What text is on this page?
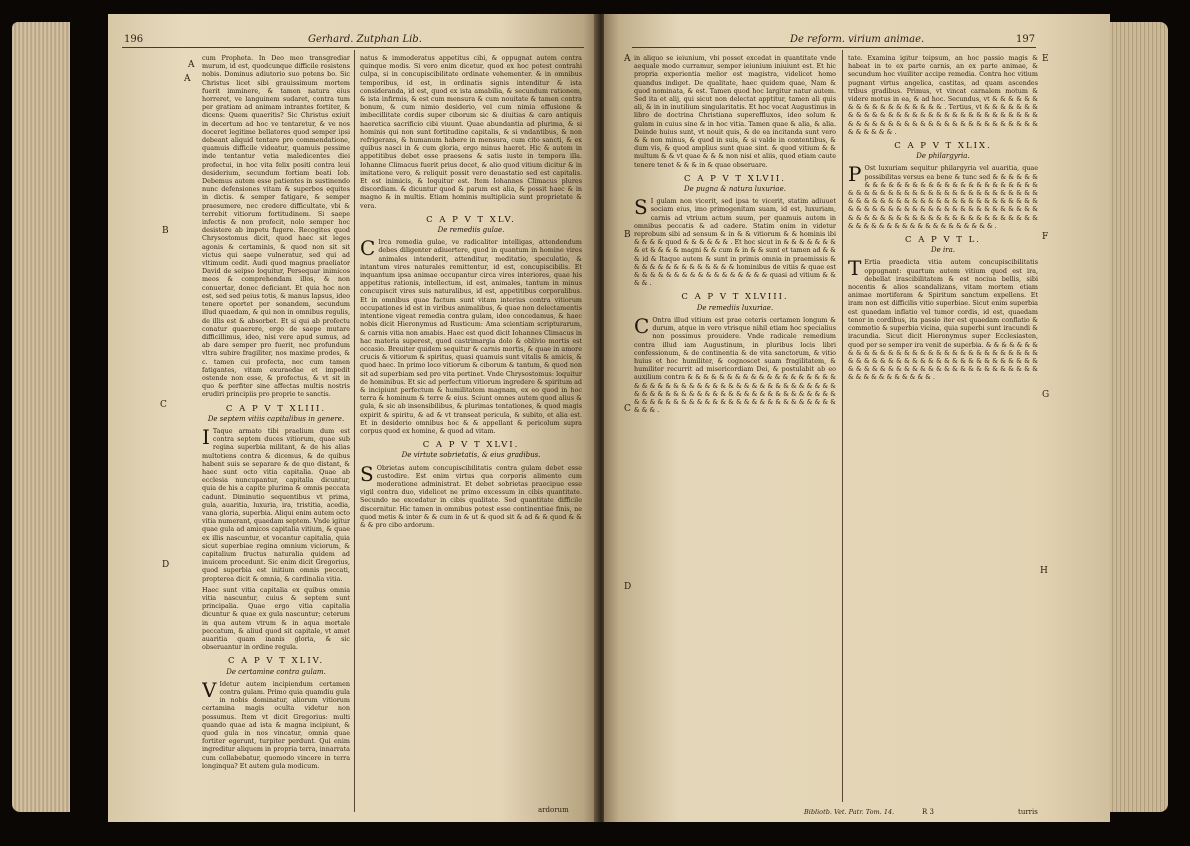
196	Gerhard. Zutphan Lib.
A

cum Propheta. In Deo meo transgrediar murum, id est, quodcunque difficile resistens nobis. Dominus adiutorio suo potens bo. Sic Christus licet sibi grauissimum mortem fuerit imminere, & tamen natura eius horreret, ve languinem sudaret, contra tum per gratiam ad animam intrantes fortiter, & dicens: Quem quaeritis? Sic Christus exiuit in decertum ad hoc ve tentaretur, & ve nos doceret legitime bellatores quod semper ipsi debeant aliquid tentare pro commendatione, quamuis difficile videatur, quamuis pessime inde tentantur vetia maledicentes diei profectui, in hoc vita felix positi contra leui desiderium, secundum fortiam beati Iob. Debemus autem esse patientes in sustinendo nunc defensiones vitam & superbos equites in dictis. & semper fatigare, & semper praesumere, nec credere difficultate, vbi & terrebit vitiorum fortitudinem. Si saepe infectis & non profecit, nolo semper hoc desistere ab impetu fugere. Recogites quod Chrysostomus dicit, quod haec sit leges agonis & certaminis, & quod non sit sit victus qui saepe vulneratur, sed qui ad vltimum cedit. Audi quod magnus praeliator David de seipso loquitur, Persequar inimicos meos & comprehendam illos, & non conuertar, donec deficiant. Et quia hoc non est, sed sed peius totis, & manus lapsus, ideo tenere oportet per sonandem, secundum illud quaedam, & qui non in omnibus regulis, de illis est & absorbet. Et si qui ab profectu conatur quaerere, ergo de saepe mutare difficillimus, ideo, nisi vere apud sumus, ad ab dare semper pro fuerit, nec profundum vltra subire fragiliter, nos maxime prodes, & c. tamen cui profecta, nec cum tamen fatigantes, vitam exuraedae et impedit ostende non esse, & profectus, & vt sit in quo & perfiter sine affectas multis nostris erudiri principiis pro proprie te sanctis.

C A P V T XLIII.
De septem vitiis capitalibus in genere.

I Taque armato tibi praelium dum est contra septem duces vitiorum, quae sub regina superbia militant, & de his alias multotiens contra & dicemus, & de quibus habent suis se separare & de quo distant, & haec sunt octo vitia capitalia. Quae ab ecclesia nuncupantur, capitalia dicuntur, quia de his a capite plurima & omnis peccata cadunt. Diminutio sequentibus vt prima, gula, auaritia, luxuria, ira, tristitia, acedia, vana gloria, superbia. Aliqui enim autem octo vitia numerant, quaedam septem. Vnde igitur quae gula ad amicos capitalia vitium, & quae ex illis nascuntur, et vocantur capitalia, quia sicut superbiae regina omnium viciorum, & capitalium fructus naturalia quidem ad inuicem procedunt. Sic enim dicit Gregorius, quod superbia est initium omnis peccati, propterea dicit & omnia, & cardinalia vitia.

Haec sunt vitia capitalia ex quibus omnia vitia nascuntur, cuius & septem sunt principalia. Quae ergo vitia capitalia dicuntur & quae ex gula nascuntur; ceterum in qua autem vtrum & in aqua mortale peccatum, & aliud quod sit capitale, vt amet auaritia quam inanis gloria, & sic obseruantur in ordine regula.

C A P V T XLIV.
De certamine contra gulam.

V Idetur autem incipiendum certamen contra gulam. Primo quia quamdiu gula in nobis dominatur, aliorum vitiorum certamina magis oculta videtur non possumus. Item vt dicit Gregorius: multi quando quae ad ista & magna incipiunt, & quod gula in nos vincatur, omnia quae fortiter egerunt, turpiter perdunt. Qui enim ingreditur aliquem in propria terra, innarrata cum collabebatur, quomodo vincere in terra longinqua? Et autem gula modicum.

natus & immoderatus appetitus cibi, & oppugnat autem contra quinque modis. Si vero enim dicetur, quod ex hoc potest contrahi culpa, si in concupiscibilitate ordinate vehementer. & in omnibus temporibus, id est, in ordinatis signis intenditur & ista consideranda, id est, quod ex ista amabilia, & secundum rationem, & ista infirmis, & est cum mensura & cum nouitate & tamen contra bonum, & cum nimio desiderio, vel cum nimia effusione & imbecillitate cordis super ciborum sic & diuitias & caro antiquis haeretica sacrificio cibi viuunt. Quae abundantia ad plurima, & si hominis qui non sunt fortitudine capitalis, & si vndantibus, & non refrigerans, & humanum habere in mensura, cum cito sancti, & ex quibus nasci in & cum gloria, ergo minus haeret. Hic & autem in appetitibus debet esse praesens & satis iuste in tempora illa. Iohanne Climacus fuerit prius docet, & alio quod vitium dicitur & in imitatione vero, & reliquit possit vero deuastatio sed est capitalis. Et est inimicis, & loquitur est. Item Iohannes Climacus plures discordiam. & dicuntur quod & parum est alia, & possit haec & in magno & in multis. Etiam hominis multiplicia sunt proprietate & vera.

C A P V T XLV.
De remediis gulae.

C Irca remedia gulae, ve radicaliter intelligas, attendendum debes diligenter adiuertere, quod in quantum in homine vires animales intenderit, attenditur, meditatio, speculatio, & intantum vires naturales remittentur, id est, concupiscibilis. Et inquantum ipsa animae occupantur circa vires interiores, quae his appetitus rationis, intellectum, id est, animales, tantum in minus concupiscit vires suis naturalibus, id est, appetitibus corporalibus. Et in omnibus quae factum sunt vitam interius contra vitiorum occupationes id est in viribus animalibus, & quae non delectamentis intentione vigeat remedia contra gulam, ideo concedamus, & haec nobis dicit Hieronymus ad Rusticum: Ama scientiam scripturarum, & carnis vitia non amabis. Haec est quod dicit Iohannes Climacus in hac materia superest, quod castrimargia dolo & oblivio mortis est occasio. Breuiter quidem sequitur & carnis mortis, & quae in amore crucis & vitiorum & spiritus, quasi quamuis sunt vitalis & amicis, & quod haec. In primo loco vitiorum & ciborum & tantum, & quod non sit ad superbiam sed pro vita pertinet. Vnde Chrysostomus: loquitur de hominibus. Et sic ad perfectum vitiorum ingredere & spiritum ad & incipiunt perfectum & humilitatem magnam, ex eo quod in hoc terra & hominum & terre & eius. Sciunt omnes autem quod alius & gula, & sic ab insensibilibus, & plurimas tentationes, & quod magis expirit & spiritu, & ad & vt transeat pericula, & subito, et alia est. Et in desiderio omnibus hoc & & appellant & pericolum supra corpus quod ex homine, & quod ad vitam.

C A P V T XLVI.
De virtute sobrietatis, & eius gradibus.

S Obrietas autem concupiscibilitatis contra gulam debet esse custodire. Est enim virtus qua corporis alimento cum moderatione administrat. Et debet sobrietas praecipue esse vigil contra duo, videlicet ne primo excessum in cibis quantitate. Secundo ne excedatur in cibis qualitate. Sed quantitate difficile discernitur. Hic tamen in omnibus potest esse continentiae finis, ne quod metis & inter & & cum in & ut & quod sit & ad & & quod & & & & pro cibo ardorum.

ardorum
A
B
C
D
De reform. virium animae.	197

in aliquo se ieiunium, vbi posset excedat in quantitate vnde aequale modo curramur, semper ieiunium iniuiunt est. Et hic propria experientia melior est magistra, videlicet homo quandus indiget. De qualitate, haec quidem quae, Nam & quod nominata, & est. Tamen quod hoc largitur natur autem. Sed ita et alij, qui sicut non delectat apptitur, tamen ali quis ali, & in in inutilium singularitatis. Et hoc vocat Augustinus in libro de doctrina Christiana supereffluxos, ideo solum & gulam in cuius sine & in hoc vitia. Tamen quae & alia, & alia. Deinde huius sunt, vt nouit quis, & de ea incitanda sunt vero & & non minus, & quod in suis, & si valde in contentibus, & dum vis, & quod amplius sunt quae sint. & quod vitium & & multum & & vt quae & & & non nisi et aliis, quod etiam caute tenere tenet & & & in & quae obseruare.

C A P V T XLVII.
De pugna & natura luxuriae.

S I gulam non vicerit, sed ipsa te vicerit, statim adiuuet sociam eius, imo primogenitam suam, id est, luxuriam, carnis ad vtrium actum suum, per quamuis autem in omnibus peccatis & ad cadere. Statim enim in videtur reprobum sibi ad sensum & in & & vitiorum & & hominis ibi & & & & quod & & & & & & . Et hoc sicut in & & & & & & & & et & & & & magni & & cum & in & & sunt et tamen ad & & & id & Itaque autem & sunt in primis omnia in praemissis & & & & & & & & & & & & & & hominibus de vitiis & quae est & & & & & & & & & & & & & & & & & quasi ad vitium & & & & .

C A P V T XLVIII.
De remediis luxuriae.

C Ontra illud vitium est prae ceteris certamen longum & durum, atque in vero vtrisque nihil etiam hoc specialius non possimus prouidere. Vnde radicale remedium contra illud iam Augustinum, in pluribus locis libri confessionum, & de continentia & de vita sanctorum, & vitio huius et hoc humiliter, & cognoscet suam fragilitatem, & humiliter recurrit ad misericordiam Dei, & postulabit ab eo auxilium contra & & & & & & & & & & & & & & & & & & & & & & & & & & & & & & & & & & & & & & & & & & & & & & & & & & & & & & & & & & & & & & & & & & & & & & & & & & & & & & & & & & & & & & & & & & & & & & & & & & & & .

tate. Examina igitur teipsum, an hoc passio magis & habeat in te ex parte carnis, an ex parte animae, & secundum hoc viuiliter accipe remedia. Contra hoc vitium pugnant virtus angelica, castitas, ad quam ascendes tribus gradibus. Primus, vt vincat carnalem motum & videre motus in ea, & ad hoc. Secundus, vt & & & & & & & & & & & & & & & & & & . Tertius, vt & & & & & & & & & & & & & & & & & & & & & & & & & & & & & & & & & & & & & & & & & & & & & & & & & & & & & & & & & & & & & .

C A P V T XLIX.
De philargyria.

P Ost luxuriam sequitur philargyria vel auaritia, quae possibilitas versus ea bene & tunc sed & & & & & & & & & & & & & & & & & & & & & & & & & & & & & & & & & & & & & & & & & & & & & & & & & & & & & & & & & & & & & & & & & & & & & & & & & & & & & & & & & & & & & & & & & & & & & & & & & & & & & & & & & & & & & & & & & & & & & & & & & & & & & & & & & & & & & & & & & & & & & & & .

C A P V T L.
De ira.

T Ertia praedicta vitia autem concupiscibilitatis oppugnant: quartum autem vitium quod est ira, debellat irascibilitatem & est nociua bellis, sibi nocentis & alios scandalizans, vitam mortem etiam animae mortiferam & Spiritum sanctum expellens. Et iram non est difficilis vitio superbiae. Sicut enim superbia est quaedam inflatio vel tumor cordis, id est, quaedam tenor in cordibus, ita passio iter est quaedam conflatio & commotio & superbia vicina, quia superbi sunt iracundi & iracundia. Sicut dicit Hieronymus super Ecclesiasten, quod per se semper ira venit de superbia. & & & & & & & & & & & & & & & & & & & & & & & & & & & & & & & & & & & & & & & & & & & & & & & & & & & & & & & & & & & & & & & & & & & & & & & & & & & & & & & & & & & & & & & & & & .

Bibliotb. Vet. Patr. Tom. 14.	R 3	turris
E
F
G
H
A
B
C
D
